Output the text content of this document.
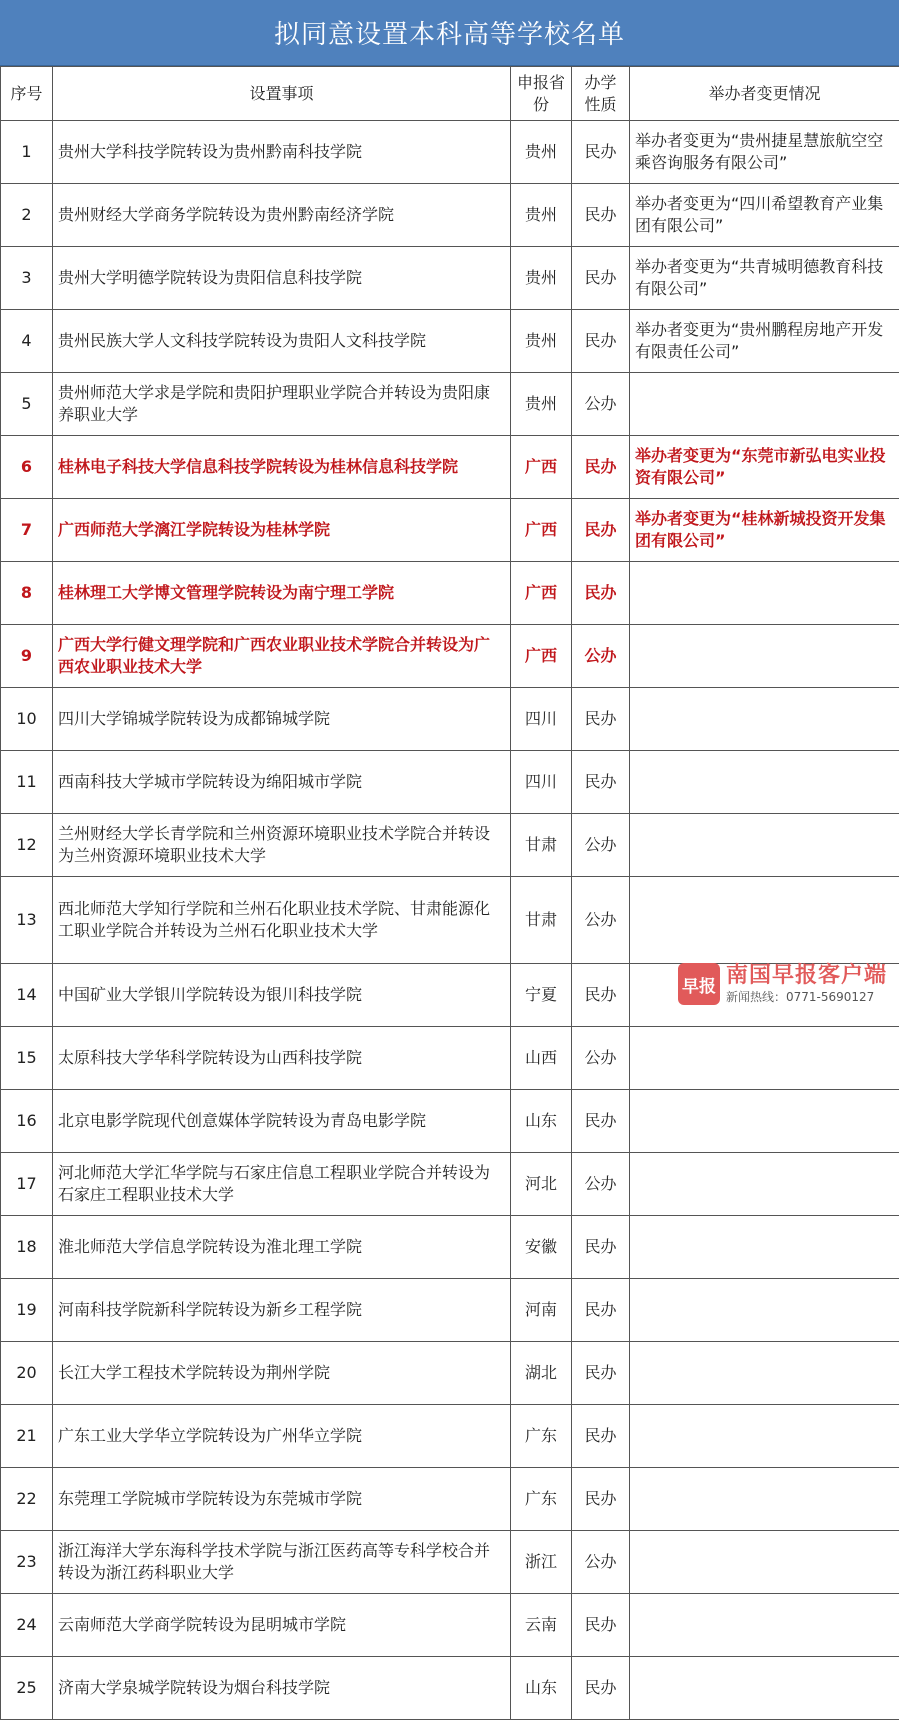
拟同意设置本科高等学校名单
序号	设置事项	申报省份	办学性质	举办者变更情况
1	贵州大学科技学院转设为贵州黔南科技学院	贵州	民办	举办者变更为“贵州捷星慧旅航空空乘咨询服务有限公司”
2	贵州财经大学商务学院转设为贵州黔南经济学院	贵州	民办	举办者变更为“四川希望教育产业集团有限公司”
3	贵州大学明德学院转设为贵阳信息科技学院	贵州	民办	举办者变更为“共青城明德教育科技有限公司”
4	贵州民族大学人文科技学院转设为贵阳人文科技学院	贵州	民办	举办者变更为“贵州鹏程房地产开发有限责任公司”
5	贵州师范大学求是学院和贵阳护理职业学院合并转设为贵阳康养职业大学	贵州	公办	
6	桂林电子科技大学信息科技学院转设为桂林信息科技学院	广西	民办	举办者变更为“东莞市新弘电实业投资有限公司”
7	广西师范大学漓江学院转设为桂林学院	广西	民办	举办者变更为“桂林新城投资开发集团有限公司”
8	桂林理工大学博文管理学院转设为南宁理工学院	广西	民办	
9	广西大学行健文理学院和广西农业职业技术学院合并转设为广西农业职业技术大学	广西	公办	
10	四川大学锦城学院转设为成都锦城学院	四川	民办	
11	西南科技大学城市学院转设为绵阳城市学院	四川	民办	
12	兰州财经大学长青学院和兰州资源环境职业技术学院合并转设为兰州资源环境职业技术大学	甘肃	公办	
13	西北师范大学知行学院和兰州石化职业技术学院、甘肃能源化工职业学院合并转设为兰州石化职业技术大学	甘肃	公办	
14	中国矿业大学银川学院转设为银川科技学院	宁夏	民办	
15	太原科技大学华科学院转设为山西科技学院	山西	公办	
16	北京电影学院现代创意媒体学院转设为青岛电影学院	山东	民办	
17	河北师范大学汇华学院与石家庄信息工程职业学院合并转设为石家庄工程职业技术大学	河北	公办	
18	淮北师范大学信息学院转设为淮北理工学院	安徽	民办	
19	河南科技学院新科学院转设为新乡工程学院	河南	民办	
20	长江大学工程技术学院转设为荆州学院	湖北	民办	
21	广东工业大学华立学院转设为广州华立学院	广东	民办	
22	东莞理工学院城市学院转设为东莞城市学院	广东	民办	
23	浙江海洋大学东海科学技术学院与浙江医药高等专科学校合并转设为浙江药科职业大学	浙江	公办	
24	云南师范大学商学院转设为昆明城市学院	云南	民办	
25	济南大学泉城学院转设为烟台科技学院	山东	民办	
早报 南国早报客户端
新闻热线：0771-5690127
